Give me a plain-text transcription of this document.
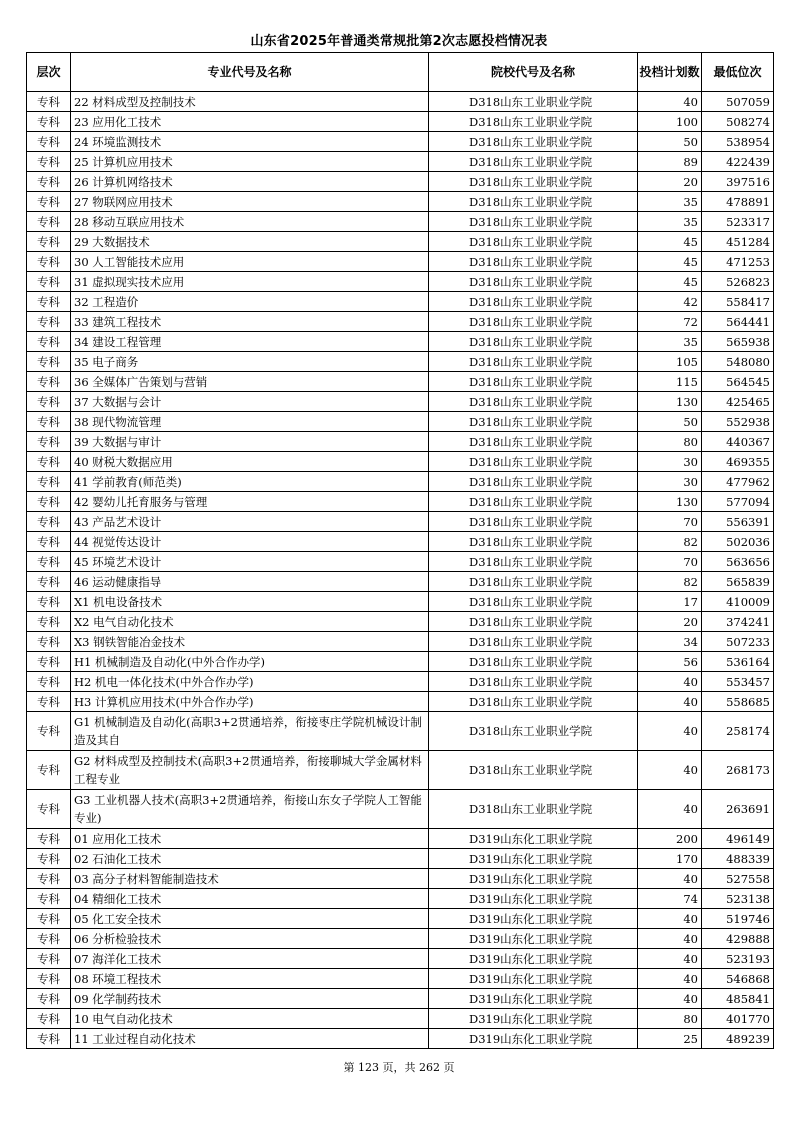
山东省2025年普通类常规批第2次志愿投档情况表
层次	专业代号及名称	院校代号及名称	投档计划数	最低位次
专科	22 材料成型及控制技术	D318山东工业职业学院	40	507059
专科	23 应用化工技术	D318山东工业职业学院	100	508274
专科	24 环境监测技术	D318山东工业职业学院	50	538954
专科	25 计算机应用技术	D318山东工业职业学院	89	422439
专科	26 计算机网络技术	D318山东工业职业学院	20	397516
专科	27 物联网应用技术	D318山东工业职业学院	35	478891
专科	28 移动互联应用技术	D318山东工业职业学院	35	523317
专科	29 大数据技术	D318山东工业职业学院	45	451284
专科	30 人工智能技术应用	D318山东工业职业学院	45	471253
专科	31 虚拟现实技术应用	D318山东工业职业学院	45	526823
专科	32 工程造价	D318山东工业职业学院	42	558417
专科	33 建筑工程技术	D318山东工业职业学院	72	564441
专科	34 建设工程管理	D318山东工业职业学院	35	565938
专科	35 电子商务	D318山东工业职业学院	105	548080
专科	36 全媒体广告策划与营销	D318山东工业职业学院	115	564545
专科	37 大数据与会计	D318山东工业职业学院	130	425465
专科	38 现代物流管理	D318山东工业职业学院	50	552938
专科	39 大数据与审计	D318山东工业职业学院	80	440367
专科	40 财税大数据应用	D318山东工业职业学院	30	469355
专科	41 学前教育(师范类)	D318山东工业职业学院	30	477962
专科	42 婴幼儿托育服务与管理	D318山东工业职业学院	130	577094
专科	43 产品艺术设计	D318山东工业职业学院	70	556391
专科	44 视觉传达设计	D318山东工业职业学院	82	502036
专科	45 环境艺术设计	D318山东工业职业学院	70	563656
专科	46 运动健康指导	D318山东工业职业学院	82	565839
专科	X1 机电设备技术	D318山东工业职业学院	17	410009
专科	X2 电气自动化技术	D318山东工业职业学院	20	374241
专科	X3 钢铁智能冶金技术	D318山东工业职业学院	34	507233
专科	H1 机械制造及自动化(中外合作办学)	D318山东工业职业学院	56	536164
专科	H2 机电一体化技术(中外合作办学)	D318山东工业职业学院	40	553457
专科	H3 计算机应用技术(中外合作办学)	D318山东工业职业学院	40	558685
专科	G1 机械制造及自动化(高职3+2贯通培养，衔接枣庄学院机械设计制造及其自	D318山东工业职业学院	40	258174
专科	G2 材料成型及控制技术(高职3+2贯通培养，衔接聊城大学金属材料工程专业	D318山东工业职业学院	40	268173
专科	G3 工业机器人技术(高职3+2贯通培养，衔接山东女子学院人工智能专业)	D318山东工业职业学院	40	263691
专科	01 应用化工技术	D319山东化工职业学院	200	496149
专科	02 石油化工技术	D319山东化工职业学院	170	488339
专科	03 高分子材料智能制造技术	D319山东化工职业学院	40	527558
专科	04 精细化工技术	D319山东化工职业学院	74	523138
专科	05 化工安全技术	D319山东化工职业学院	40	519746
专科	06 分析检验技术	D319山东化工职业学院	40	429888
专科	07 海洋化工技术	D319山东化工职业学院	40	523193
专科	08 环境工程技术	D319山东化工职业学院	40	546868
专科	09 化学制药技术	D319山东化工职业学院	40	485841
专科	10 电气自动化技术	D319山东化工职业学院	80	401770
专科	11 工业过程自动化技术	D319山东化工职业学院	25	489239
第 123 页，共 262 页
